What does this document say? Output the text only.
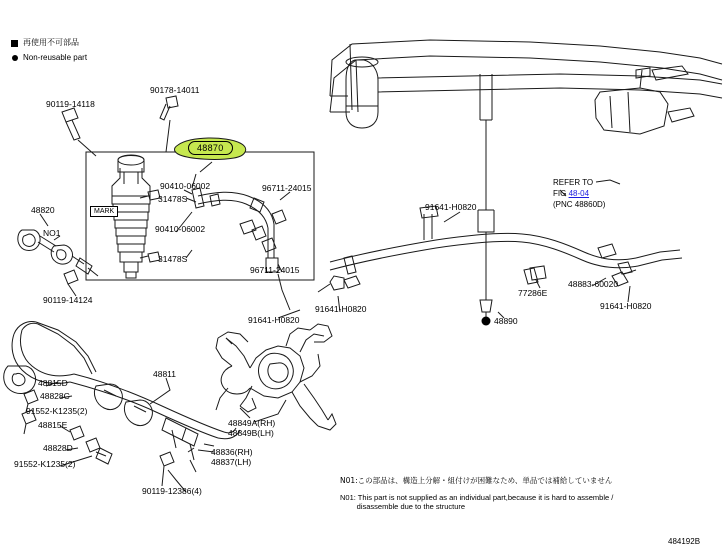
再使用不可部品
Non-reusable part
48870
90178-14011
90119-14118
90410-06002	96711-24015
31478S
MARK
90410-06002
31478S
96711-24015
48820
NO1
90119-14124
91641-H0820
91641-H0820
91641-H0820
77286E
48883-60020
91641-H0820
48890
48815D
48828C
91552-K1235(2)
48815E
48828D
91552-K1235(2)
48811
90119-12386(4)
48836(RH)
48837(LH)
48849A(RH)
48849B(LH)
REFER TO
FIG 48-04
(PNC 48860D)
N01:この部品は、構造上分解・組付けが困難なため、単品では補給していません
N01: This part is not supplied as an individual part,because it is hard to assemble /
disassemble due to the structure
484192B
